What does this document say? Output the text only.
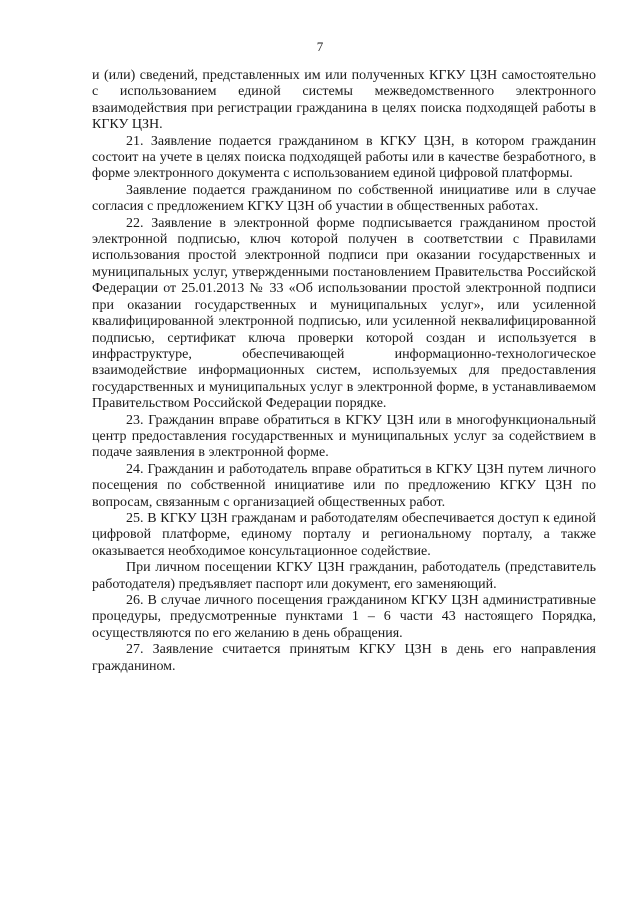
7

и (или) сведений, представленных им или полученных КГКУ ЦЗН самостоятельно с использованием единой системы межведомственного электронного взаимодействия при регистрации гражданина в целях поиска подходящей работы в КГКУ ЦЗН.

21. Заявление подается гражданином в КГКУ ЦЗН, в котором гражданин состоит на учете в целях поиска подходящей работы или в качестве безработного, в форме электронного документа с использованием единой цифровой платформы.

Заявление подается гражданином по собственной инициативе или в случае согласия с предложением КГКУ ЦЗН об участии в общественных работах.

22. Заявление в электронной форме подписывается гражданином простой электронной подписью, ключ которой получен в соответствии с Правилами использования простой электронной подписи при оказании государственных и муниципальных услуг, утвержденными постановлением Правительства Российской Федерации от 25.01.2013 № 33 «Об использовании простой электронной подписи при оказании государственных и муниципальных услуг», или усиленной квалифицированной электронной подписью, или усиленной неквалифицированной подписью, сертификат ключа проверки которой создан и используется в инфраструктуре, обеспечивающей информационно-технологическое взаимодействие информационных систем, используемых для предоставления государственных и муниципальных услуг в электронной форме, в устанавливаемом Правительством Российской Федерации порядке.

23. Гражданин вправе обратиться в КГКУ ЦЗН или в многофункциональный центр предоставления государственных и муниципальных услуг за содействием в подаче заявления в электронной форме.

24. Гражданин и работодатель вправе обратиться в КГКУ ЦЗН путем личного посещения по собственной инициативе или по предложению КГКУ ЦЗН по вопросам, связанным с организацией общественных работ.

25. В КГКУ ЦЗН гражданам и работодателям обеспечивается доступ к единой цифровой платформе, единому порталу и региональному порталу, а также оказывается необходимое консультационное содействие.

При личном посещении КГКУ ЦЗН гражданин, работодатель (представитель работодателя) предъявляет паспорт или документ, его заменяющий.

26. В случае личного посещения гражданином КГКУ ЦЗН административные процедуры, предусмотренные пунктами 1 – 6 части 43 настоящего Порядка, осуществляются по его желанию в день обращения.

27. Заявление считается принятым КГКУ ЦЗН в день его направления гражданином.
